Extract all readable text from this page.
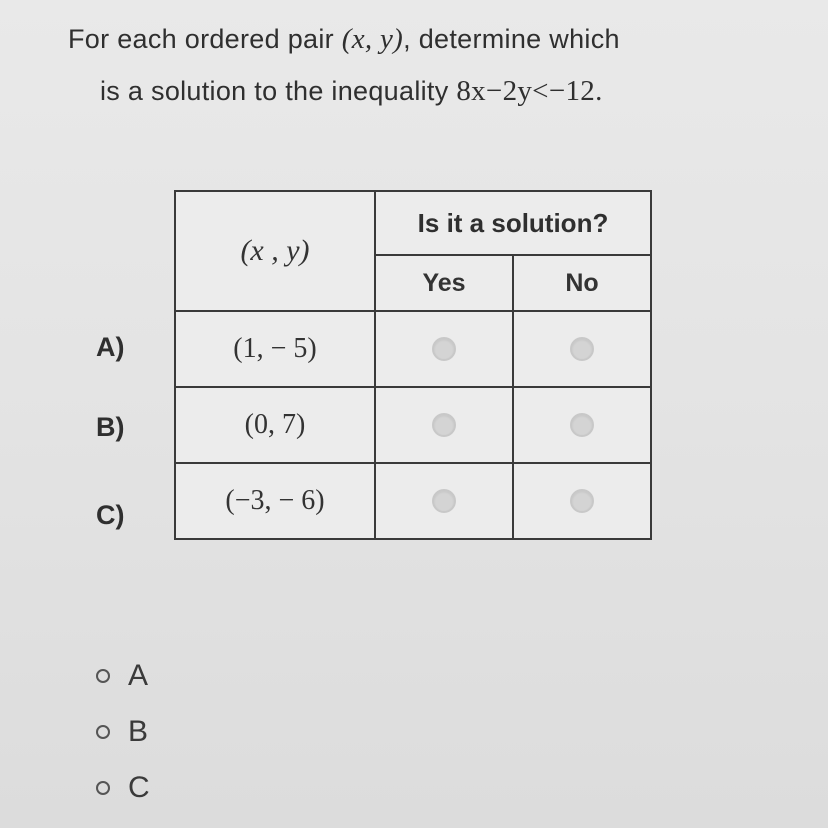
For each ordered pair (x, y), determine which
is a solution to the inequality 8x−2y<−12.
(x , y)	Is it a solution?	
	Yes	No
(1, − 5)		
(0, 7)		
(−3, − 6)		
A)
B)
C)
A
B
C
